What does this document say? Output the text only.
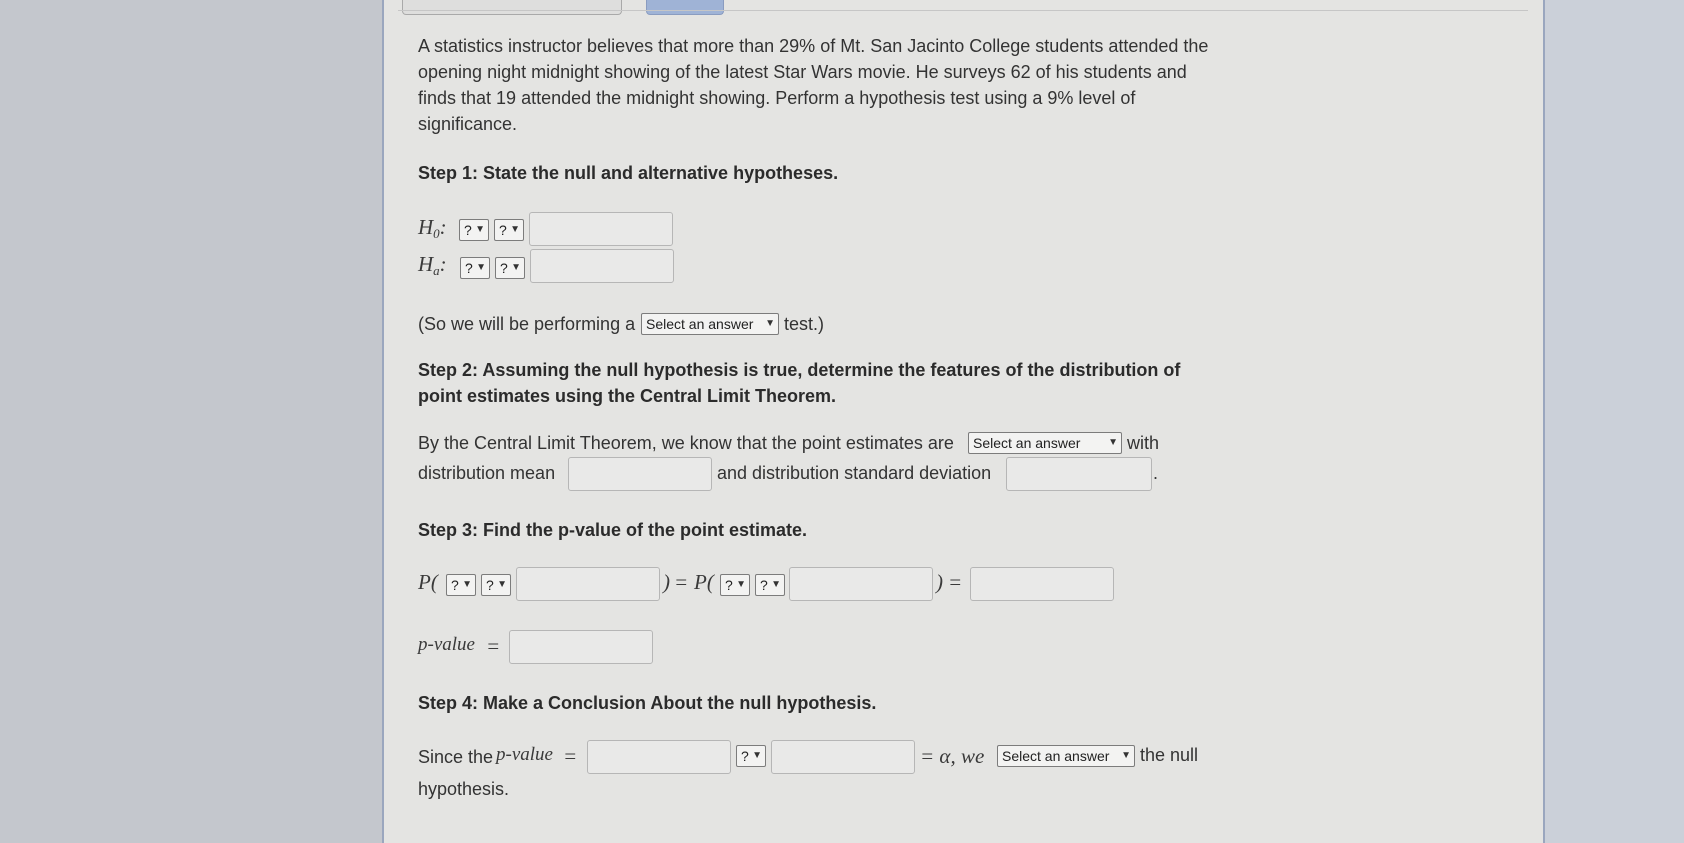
A statistics instructor believes that more than 29% of Mt. San Jacinto College students attended the
opening night midnight showing of the latest Star Wars movie. He surveys 62 of his students and
finds that 19 attended the midnight showing. Perform a hypothesis test using a 9% level of
significance.
Step 1: State the null and alternative hypotheses.
H0:	? ▼	? ▼
Ha:	? ▼	? ▼
(So we will be performing a Select an answer ▼ test.)
Step 2: Assuming the null hypothesis is true, determine the features of the distribution of
point estimates using the Central Limit Theorem.
By the Central Limit Theorem, we know that the point estimates are	Select an answer	▼ with
distribution mean	and distribution standard deviation	.
Step 3: Find the p-value of the point estimate.
P( ? ▼	? ▼	) = P( ? ▼	? ▼	) =
p-value =
Step 4: Make a Conclusion About the null hypothesis.
Since the p-value =	? ▼	= α, we	Select an answer ▼ the null
hypothesis.
